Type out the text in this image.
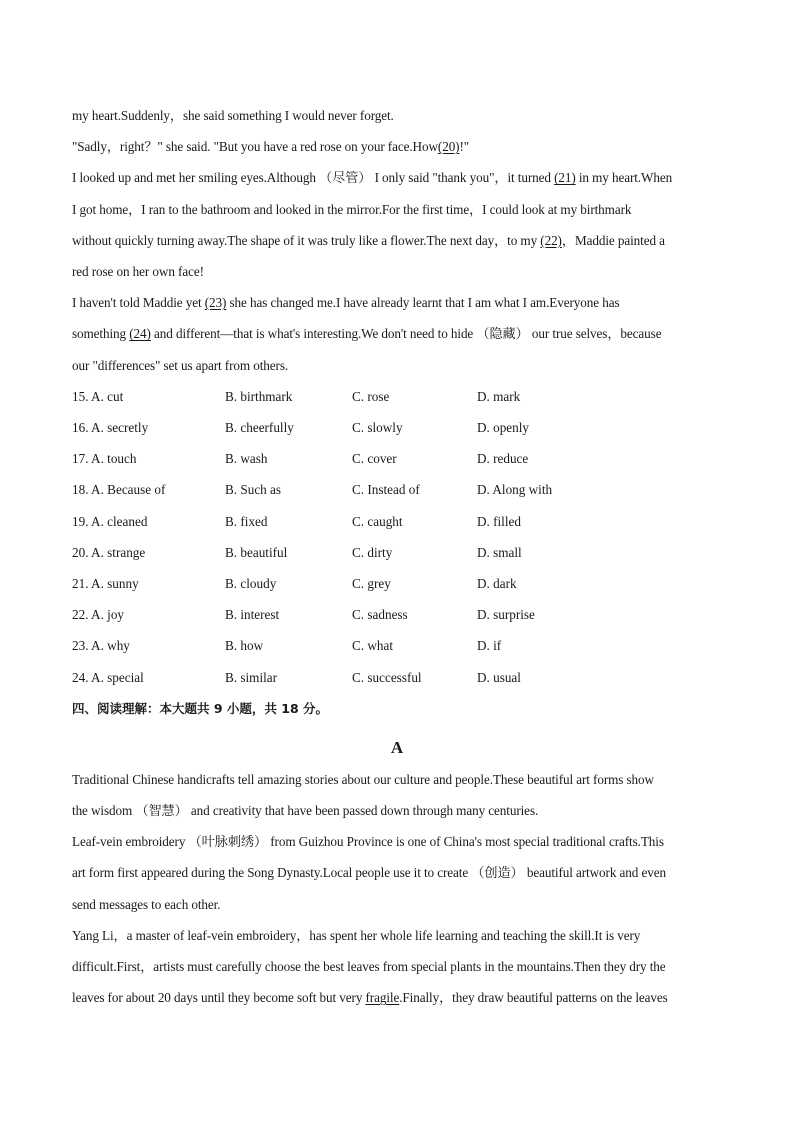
my heart.Suddenly，she said something I would never forget.
"Sadly，right？" she said. "But you have a red rose on your face.How(20)!"
I looked up and met her smiling eyes.Although （尽管） I only said "thank you"，it turned (21) in my heart.When
I got home，I ran to the bathroom and looked in the mirror.For the first time，I could look at my birthmark
without quickly turning away.The shape of it was truly like a flower.The next day，to my (22)，Maddie painted a
red rose on her own face!
I haven't told Maddie yet (23) she has changed me.I have already learnt that I am what I am.Everyone has
something (24) and different—that is what's interesting.We don't need to hide （隐藏） our true selves，because
our "differences" set us apart from others.
15. A. cut	B. birthmark	C. rose	D. mark
16. A. secretly	B. cheerfully	C. slowly	D. openly
17. A. touch	B. wash	C. cover	D. reduce
18. A. Because of	B. Such as	C. Instead of	D. Along with
19. A. cleaned	B. fixed	C. caught	D. filled
20. A. strange	B. beautiful	C. dirty	D. small
21. A. sunny	B. cloudy	C. grey	D. dark
22. A. joy	B. interest	C. sadness	D. surprise
23. A. why	B. how	C. what	D. if
24. A. special	B. similar	C. successful	D. usual
四、阅读理解：本大题共 9 小题，共 18 分。
A
Traditional Chinese handicrafts tell amazing stories about our culture and people.These beautiful art forms show
the wisdom （智慧） and creativity that have been passed down through many centuries.
Leaf-vein embroidery （叶脉刺绣） from Guizhou Province is one of China's most special traditional crafts.This
art form first appeared during the Song Dynasty.Local people use it to create （创造） beautiful artwork and even
send messages to each other.
Yang Li，a master of leaf-vein embroidery，has spent her whole life learning and teaching the skill.It is very
difficult.First，artists must carefully choose the best leaves from special plants in the mountains.Then they dry the
leaves for about 20 days until they become soft but very fragile.Finally，they draw beautiful patterns on the leaves
